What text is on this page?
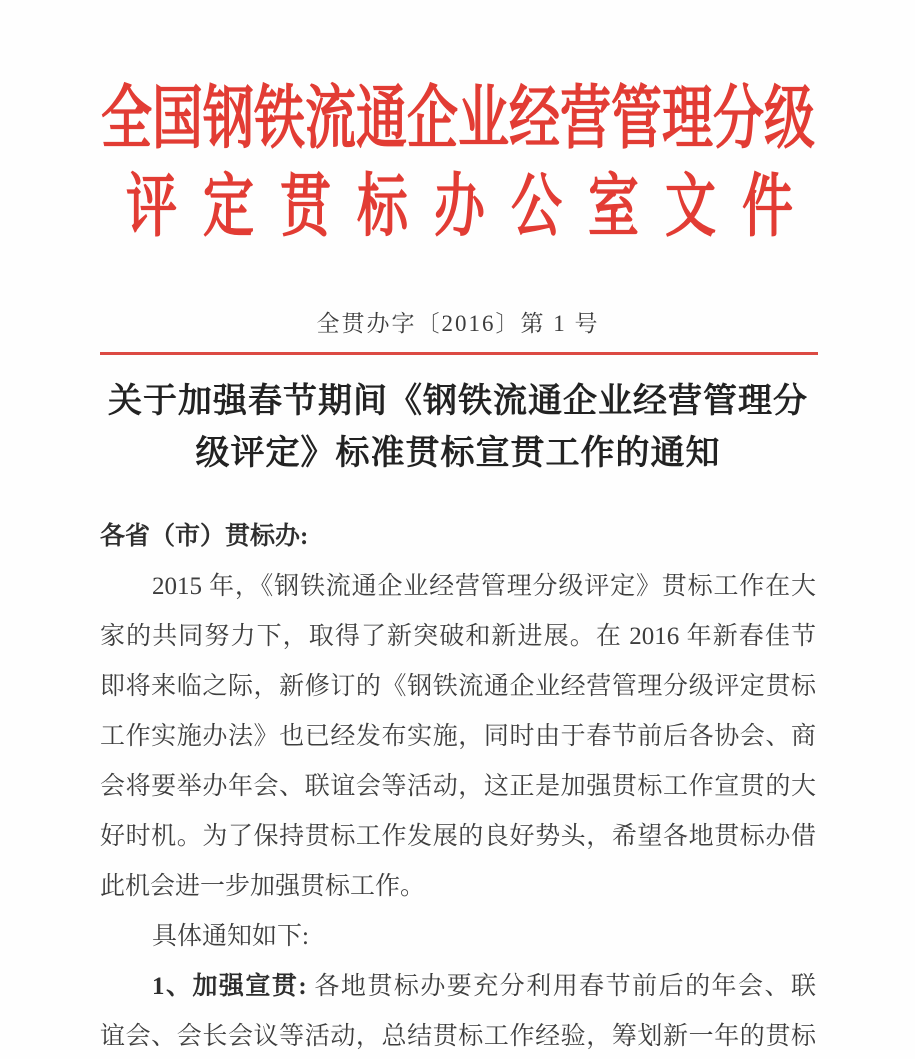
全国钢铁流通企业经营管理分级
评定贯标办公室文件
全贯办字〔2016〕第 1 号
关于加强春节期间《钢铁流通企业经营管理分
级评定》标准贯标宣贯工作的通知
各省（市）贯标办:
2015 年，《钢铁流通企业经营管理分级评定》贯标工作在大
家的共同努力下，取得了新突破和新进展。在 2016 年新春佳节
即将来临之际，新修订的《钢铁流通企业经营管理分级评定贯标
工作实施办法》也已经发布实施，同时由于春节前后各协会、商
会将要举办年会、联谊会等活动，这正是加强贯标工作宣贯的大
好时机。为了保持贯标工作发展的良好势头，希望各地贯标办借
此机会进一步加强贯标工作。
具体通知如下:
1、加强宣贯: 各地贯标办要充分利用春节前后的年会、联
谊会、会长会议等活动，总结贯标工作经验，筹划新一年的贯标
